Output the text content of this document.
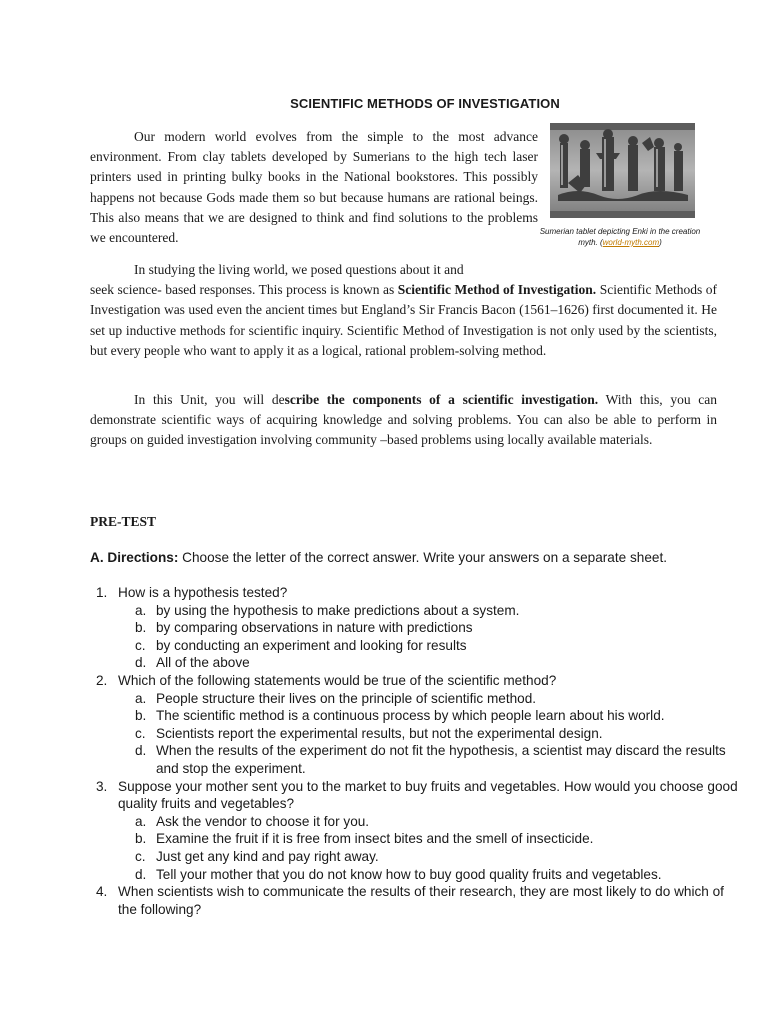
SCIENTIFIC METHODS OF INVESTIGATION
Our modern world evolves from the simple to the most advance environment. From clay tablets developed by Sumerians to the high tech laser printers used in printing bulky books in the National bookstores. This possibly happens not because Gods made them so but because humans are rational beings. This also means that we are designed to think and find solutions to the problems we encountered.	Sumerian tablet depicting Enki in the creation myth. (world-myth.com)
In studying the living world, we posed questions about it and
seek science- based responses. This process is known as Scientific Method of Investigation. Scientific Methods of Investigation was used even the ancient times but England’s Sir Francis Bacon (1561–1626) first documented it. He set up inductive methods for scientific inquiry. Scientific Method of Investigation is not only used by the scientists, but every people who want to apply it as a logical, rational problem-solving method.
In this Unit, you will describe the components of a scientific investigation. With this, you can demonstrate scientific ways of acquiring knowledge and solving problems. You can also be able to perform in groups on guided investigation involving community –based problems using locally available materials.
PRE-TEST
A. Directions: Choose the letter of the correct answer. Write your answers on a separate sheet.
1. How is a hypothesis tested?
a. by using the hypothesis to make predictions about a system.
b. by comparing observations in nature with predictions
c. by conducting an experiment and looking for results
d. All of the above
2. Which of the following statements would be true of the scientific method?
a. People structure their lives on the principle of scientific method.
b. The scientific method is a continuous process by which people learn about his world.
c. Scientists report the experimental results, but not the experimental design.
d. When the results of the experiment do not fit the hypothesis, a scientist may discard the results and stop the experiment.
3. Suppose your mother sent you to the market to buy fruits and vegetables. How would you choose good quality fruits and vegetables?
a. Ask the vendor to choose it for you.
b. Examine the fruit if it is free from insect bites and the smell of insecticide.
c. Just get any kind and pay right away.
d. Tell your mother that you do not know how to buy good quality fruits and vegetables.
4. When scientists wish to communicate the results of their research, they are most likely to do which of the following?
